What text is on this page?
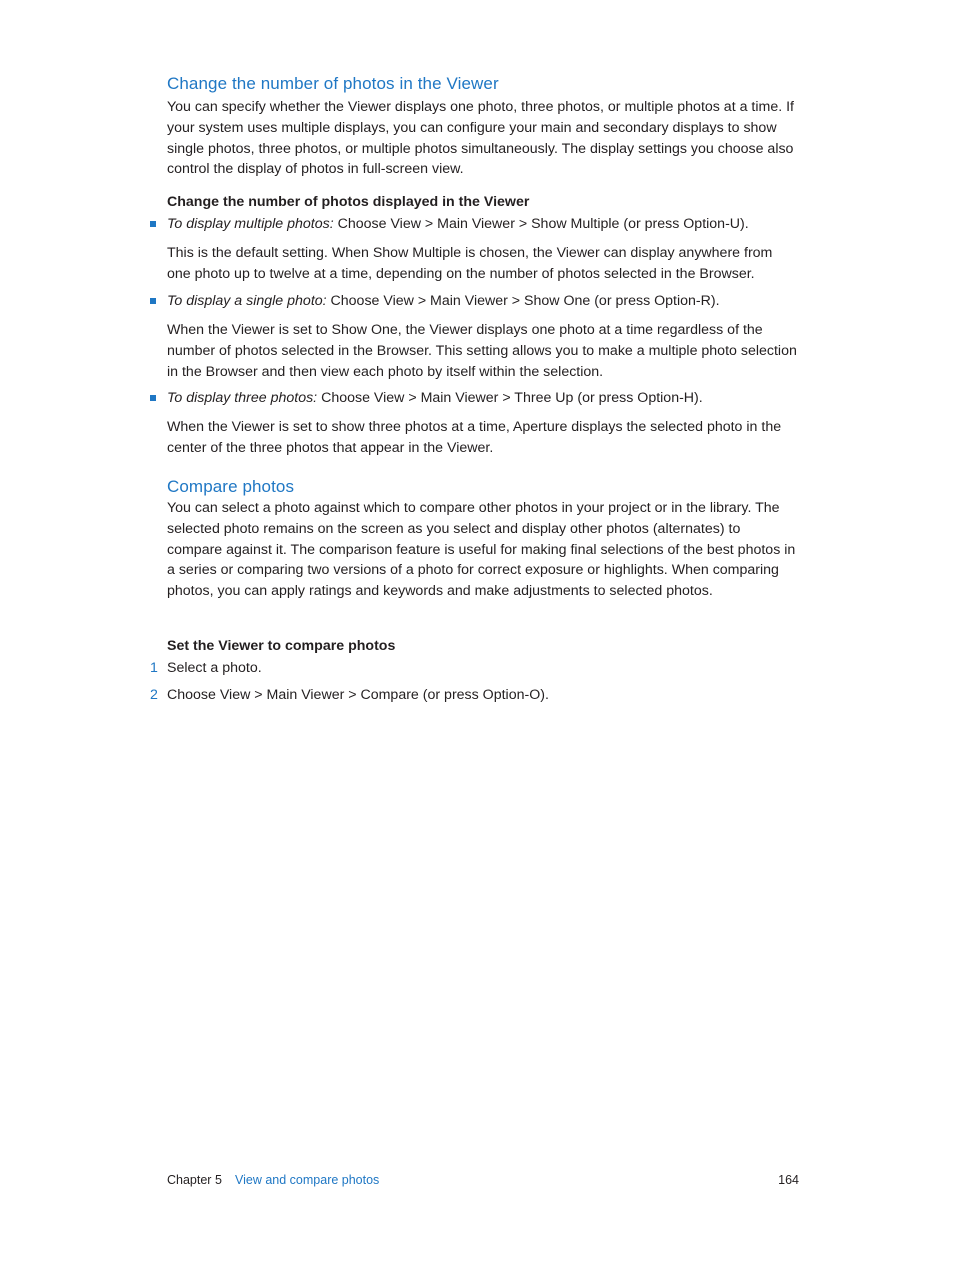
Change the number of photos in the Viewer

You can specify whether the Viewer displays one photo, three photos, or multiple photos at a time. If your system uses multiple displays, you can configure your main and secondary displays to show single photos, three photos, or multiple photos simultaneously. The display settings you choose also control the display of photos in full-screen view.

Change the number of photos displayed in the Viewer
To display multiple photos: Choose View > Main Viewer > Show Multiple (or press Option-U).

This is the default setting. When Show Multiple is chosen, the Viewer can display anywhere from one photo up to twelve at a time, depending on the number of photos selected in the Browser.

To display a single photo: Choose View > Main Viewer > Show One (or press Option-R).

When the Viewer is set to Show One, the Viewer displays one photo at a time regardless of the number of photos selected in the Browser. This setting allows you to make a multiple photo selection in the Browser and then view each photo by itself within the selection.

To display three photos: Choose View > Main Viewer > Three Up (or press Option-H).

When the Viewer is set to show three photos at a time, Aperture displays the selected photo in the center of the three photos that appear in the Viewer.

Compare photos

You can select a photo against which to compare other photos in your project or in the library. The selected photo remains on the screen as you select and display other photos (alternates) to compare against it. The comparison feature is useful for making final selections of the best photos in a series or comparing two versions of a photo for correct exposure or highlights. When comparing photos, you can apply ratings and keywords and make adjustments to selected photos.

Set the Viewer to compare photos
1 Select a photo.
2 Choose View > Main Viewer > Compare (or press Option-O).
Chapter 5 View and compare photos	164
